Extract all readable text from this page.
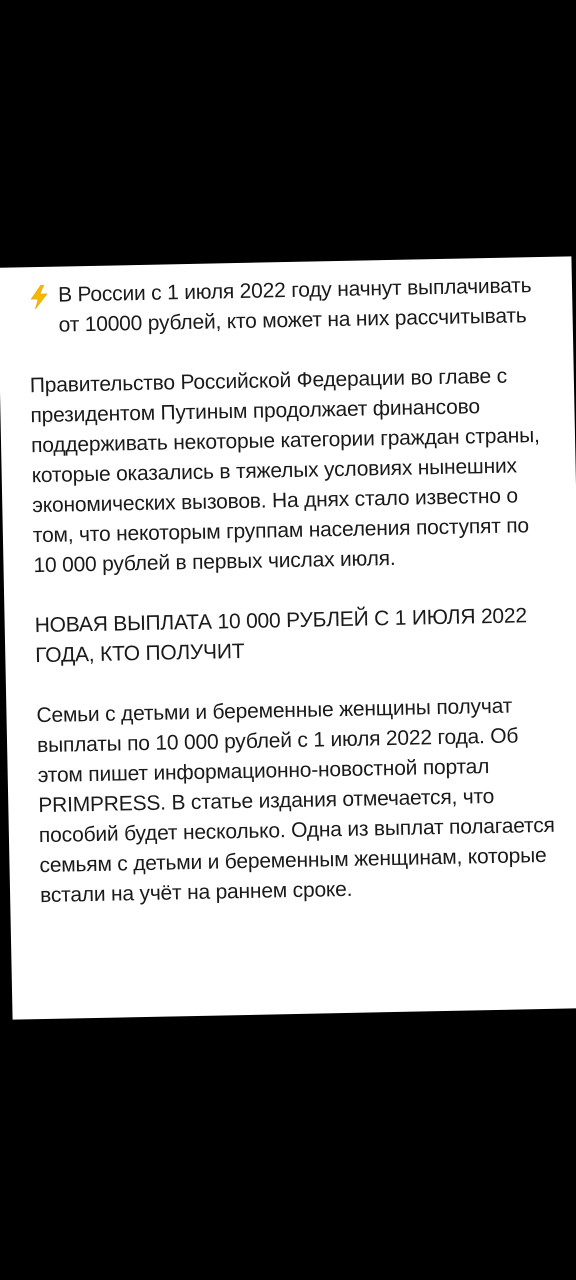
В России с 1 июля 2022 году начнут выплачивать от 10000 рублей, кто может на них рассчитывать

Правительство Российской Федерации во главе с президентом Путиным продолжает финансово поддерживать некоторые категории граждан страны, которые оказались в тяжелых условиях нынешних экономических вызовов. На днях стало известно о том, что некоторым группам населения поступят по 10 000 рублей в первых числах июля.

НОВАЯ ВЫПЛАТА 10 000 РУБЛЕЙ С 1 ИЮЛЯ 2022 ГОДА, КТО ПОЛУЧИТ

Семьи с детьми и беременные женщины получат выплаты по 10 000 рублей с 1 июля 2022 года. Об этом пишет информационно-новостной портал PRIMPRESS. В статье издания отмечается, что пособий будет несколько. Одна из выплат полагается семьям с детьми и беременным женщинам, которые встали на учёт на раннем сроке.
